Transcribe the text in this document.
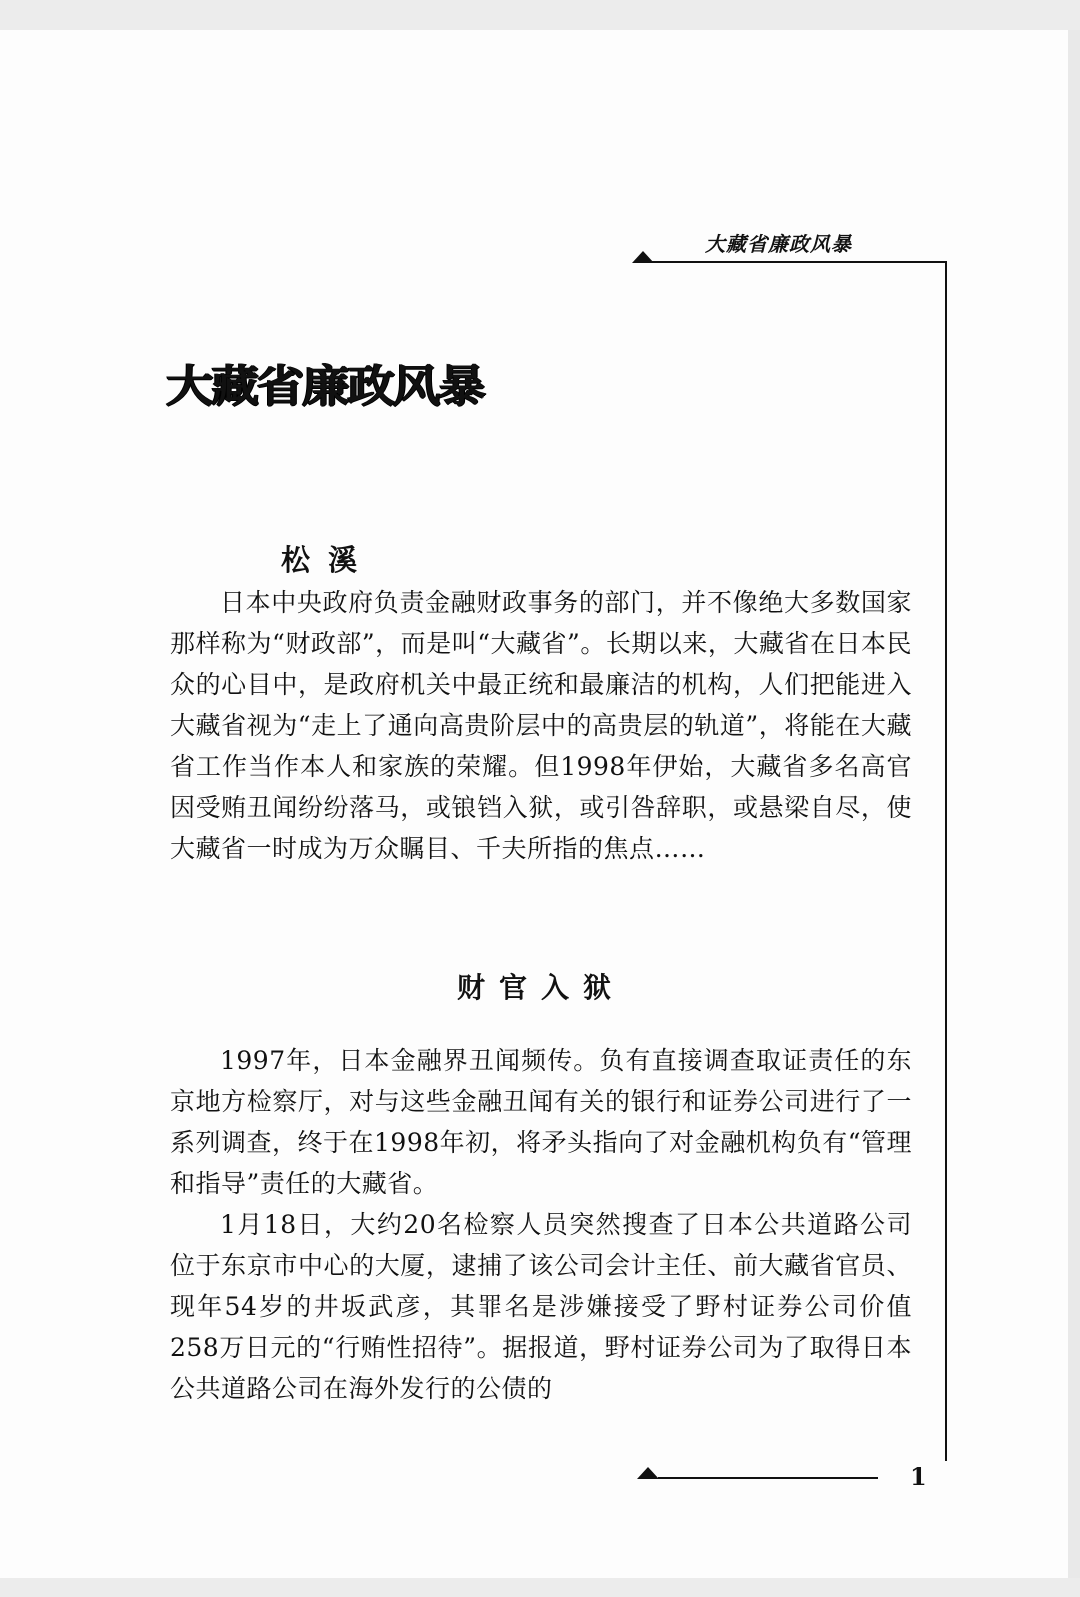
大藏省廉政风暴
大藏省廉政风暴
松溪

日本中央政府负责金融财政事务的部门，并不像绝大多数国家那样称为“财政部”，而是叫“大藏省”。长期以来，大藏省在日本民众的心目中，是政府机关中最正统和最廉洁的机构，人们把能进入大藏省视为“走上了通向高贵阶层中的高贵层的轨道”，将能在大藏省工作当作本人和家族的荣耀。但1998年伊始，大藏省多名高官因受贿丑闻纷纷落马，或锒铛入狱，或引咎辞职，或悬梁自尽，使大藏省一时成为万众瞩目、千夫所指的焦点……

财官入狱

1997年，日本金融界丑闻频传。负有直接调查取证责任的东京地方检察厅，对与这些金融丑闻有关的银行和证券公司进行了一系列调查，终于在1998年初，将矛头指向了对金融机构负有“管理和指导”责任的大藏省。

1月18日，大约20名检察人员突然搜查了日本公共道路公司位于东京市中心的大厦，逮捕了该公司会计主任、前大藏省官员、现年54岁的井坂武彦，其罪名是涉嫌接受了野村证券公司价值258万日元的“行贿性招待”。据报道，野村证券公司为了取得日本公共道路公司在海外发行的公债的

1
